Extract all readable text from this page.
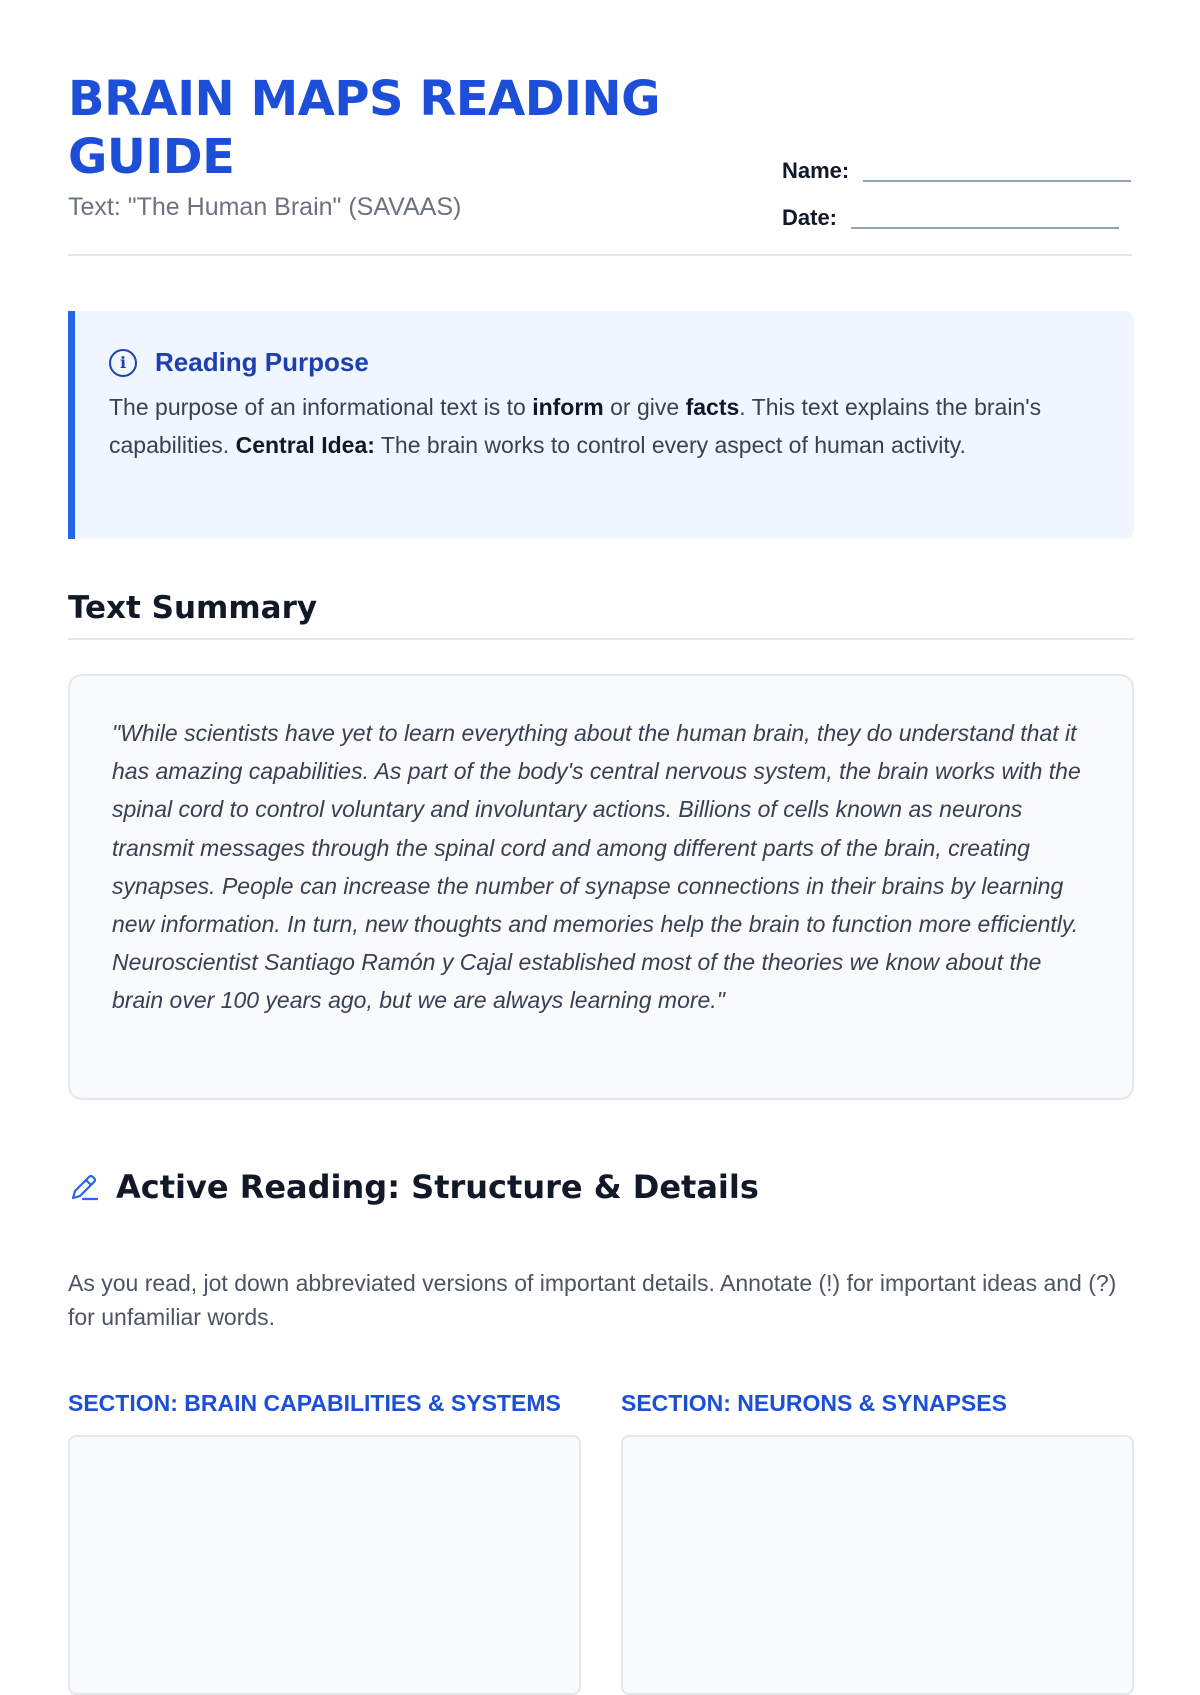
BRAIN MAPS READING GUIDE

Text: "The Human Brain" (SAVAAS)

Name:
Date:
i	Reading Purpose

The purpose of an informational text is to inform or give facts. This text explains the brain's capabilities. Central Idea: The brain works to control every aspect of human activity.

Text Summary

"While scientists have yet to learn everything about the human brain, they do understand that it has amazing capabilities. As part of the body's central nervous system, the brain works with the spinal cord to control voluntary and involuntary actions. Billions of cells known as neurons transmit messages through the spinal cord and among different parts of the brain, creating synapses. People can increase the number of synapse connections in their brains by learning new information. In turn, new thoughts and memories help the brain to function more efficiently. Neuroscientist Santiago Ramón y Cajal established most of the theories we know about the brain over 100 years ago, but we are always learning more."

Active Reading: Structure & Details

As you read, jot down abbreviated versions of important details. Annotate (!) for important ideas and (?) for unfamiliar words.

SECTION: BRAIN CAPABILITIES & SYSTEMS	SECTION: NEURONS & SYNAPSES
